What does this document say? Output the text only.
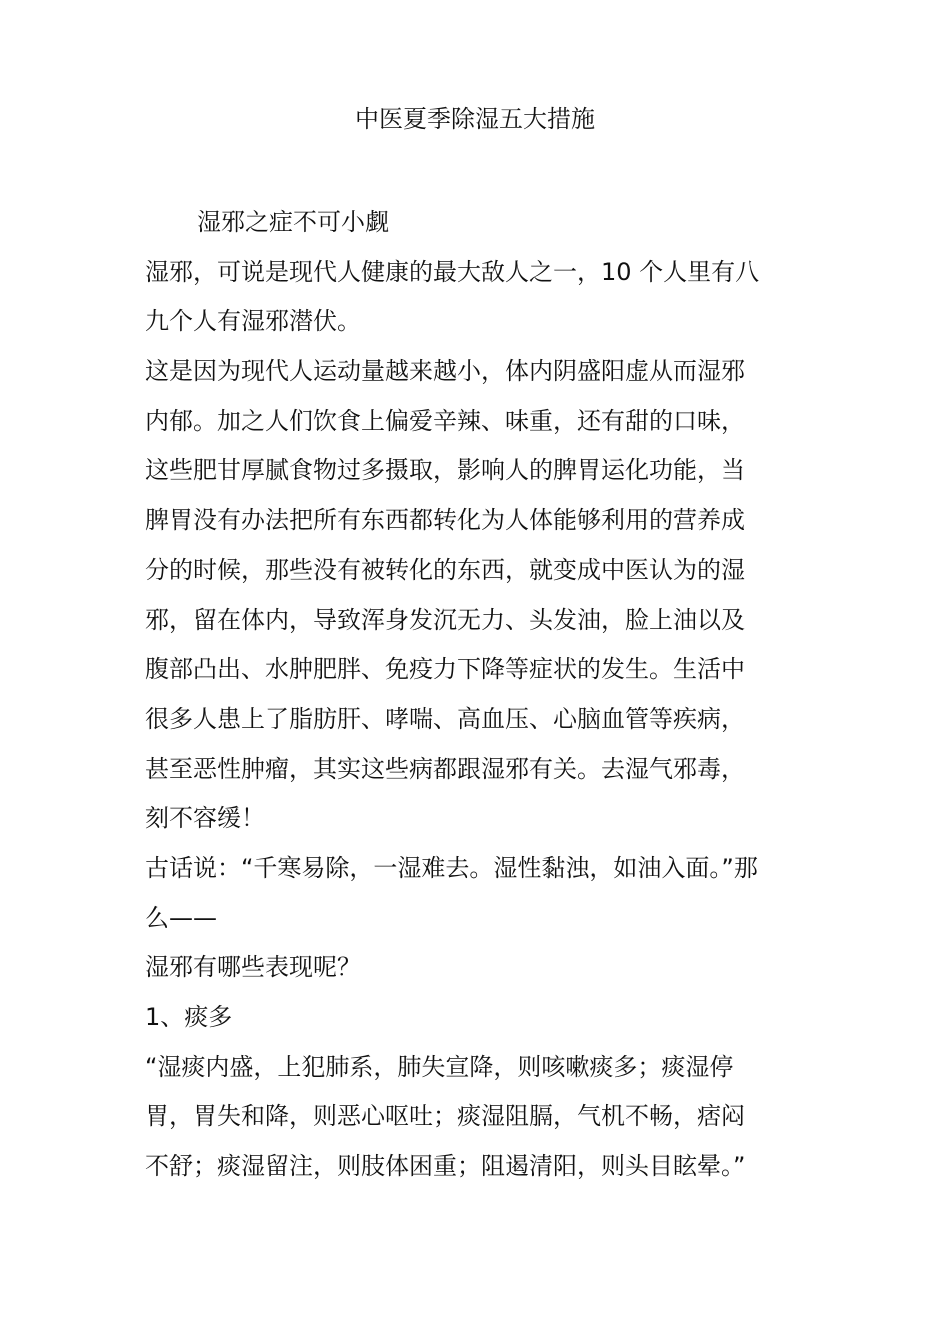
中医夏季除湿五大措施

湿邪之症不可小觑

湿邪，可说是现代人健康的最大敌人之一，10 个人里有八

九个人有湿邪潜伏。

这是因为现代人运动量越来越小，体内阴盛阳虚从而湿邪

内郁。加之人们饮食上偏爱辛辣、味重，还有甜的口味，

这些肥甘厚腻食物过多摄取，影响人的脾胃运化功能，当

脾胃没有办法把所有东西都转化为人体能够利用的营养成

分的时候，那些没有被转化的东西，就变成中医认为的湿

邪，留在体内，导致浑身发沉无力、头发油，脸上油以及

腹部凸出、水肿肥胖、免疫力下降等症状的发生。生活中

很多人患上了脂肪肝、哮喘、高血压、心脑血管等疾病，

甚至恶性肿瘤，其实这些病都跟湿邪有关。去湿气邪毒，

刻不容缓！

古话说：“千寒易除，一湿难去。湿性黏浊，如油入面。”那

么——

湿邪有哪些表现呢？

1、痰多

“湿痰内盛，上犯肺系，肺失宣降，则咳嗽痰多；痰湿停

胃，胃失和降，则恶心呕吐；痰湿阻膈，气机不畅，痞闷

不舒；痰湿留注，则肢体困重；阻遏清阳，则头目眩晕。”
